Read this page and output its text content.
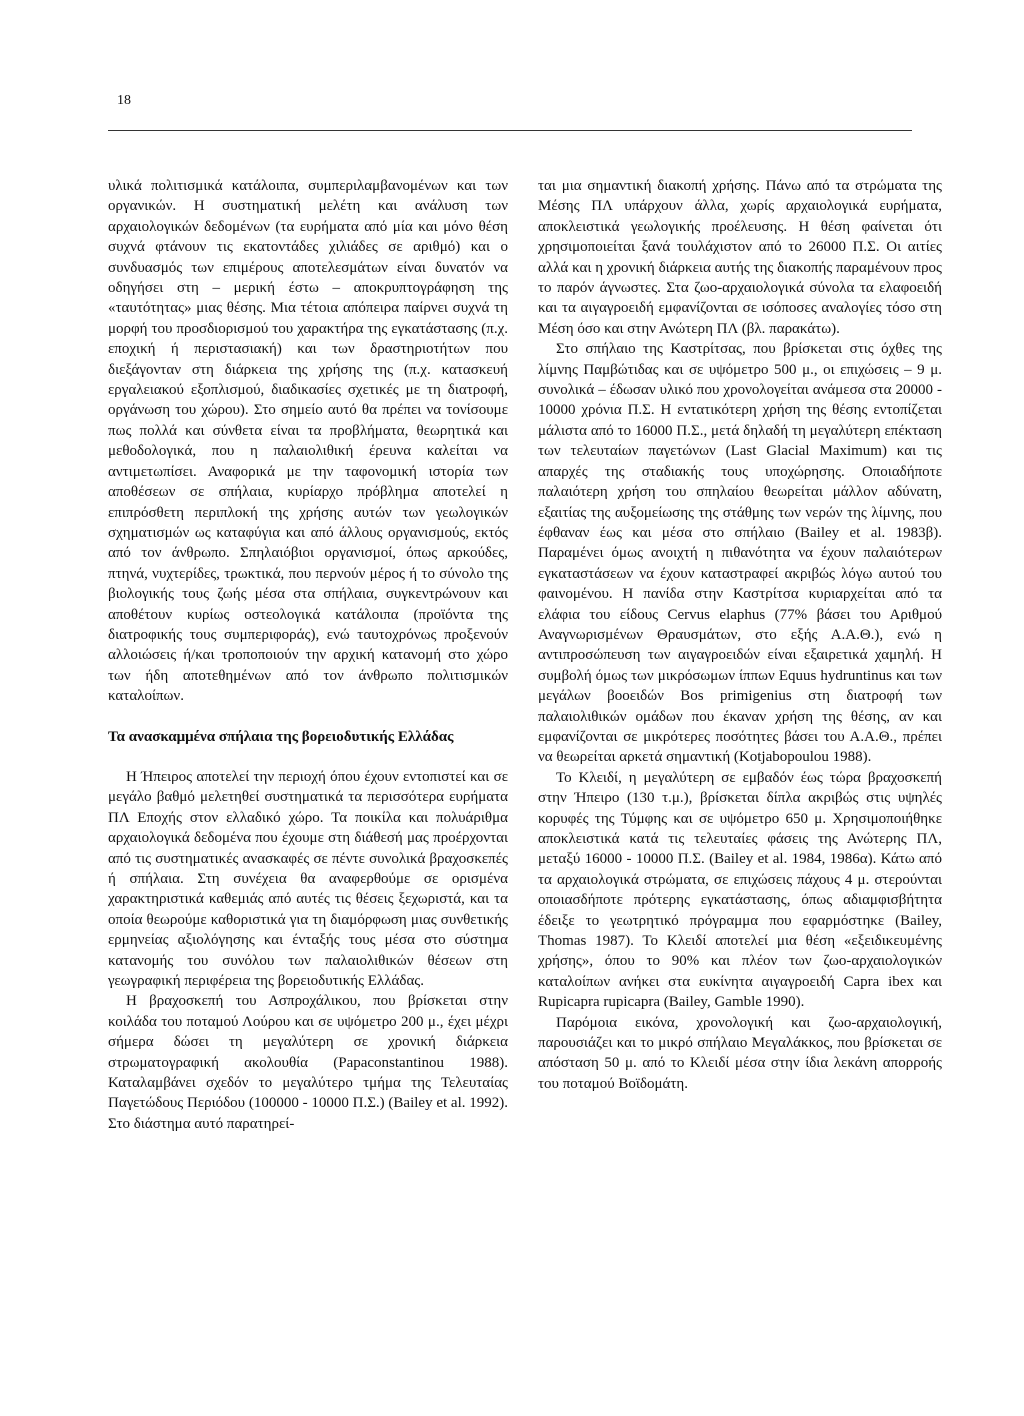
18

υλικά πολιτισμικά κατάλοιπα, συμπεριλαμβανομένων και των οργανικών. Η συστηματική μελέτη και ανάλυση των αρχαιολογικών δεδομένων (τα ευρήματα από μία και μόνο θέση συχνά φτάνουν τις εκατοντάδες χιλιάδες σε αριθμό) και ο συνδυασμός των επιμέρους αποτελεσμάτων είναι δυνατόν να οδηγήσει στη – μερική έστω – αποκρυπτογράφηση της «ταυτότητας» μιας θέσης. Μια τέτοια απόπειρα παίρνει συχνά τη μορφή του προσδιορισμού του χαρακτήρα της εγκατάστασης (π.χ. εποχική ή περιστασιακή) και των δραστηριοτήτων που διεξάγονταν στη διάρκεια της χρήσης της (π.χ. κατασκευή εργαλειακού εξοπλισμού, διαδικασίες σχετικές με τη διατροφή, οργάνωση του χώρου). Στο σημείο αυτό θα πρέπει να τονίσουμε πως πολλά και σύνθετα είναι τα προβλήματα, θεωρητικά και μεθοδολογικά, που η παλαιολιθική έρευνα καλείται να αντιμετωπίσει. Αναφορικά με την ταφονομική ιστορία των αποθέσεων σε σπήλαια, κυρίαρχο πρόβλημα αποτελεί η επιπρόσθετη περιπλοκή της χρήσης αυτών των γεωλογικών σχηματισμών ως καταφύγια και από άλλους οργανισμούς, εκτός από τον άνθρωπο. Σπηλαιόβιοι οργανισμοί, όπως αρκούδες, πτηνά, νυχτερίδες, τρωκτικά, που περνούν μέρος ή το σύνολο της βιολογικής τους ζωής μέσα στα σπήλαια, συγκεντρώνουν και αποθέτουν κυρίως οστεολογικά κατάλοιπα (προϊόντα της διατροφικής τους συμπεριφοράς), ενώ ταυτοχρόνως προξενούν αλλοιώσεις ή/και τροποποιούν την αρχική κατανομή στο χώρο των ήδη αποτεθημένων από τον άνθρωπο πολιτισμικών καταλοίπων.

Τα ανασκαμμένα σπήλαια της βορειοδυτικής Ελλάδας

Η Ήπειρος αποτελεί την περιοχή όπου έχουν εντοπιστεί και σε μεγάλο βαθμό μελετηθεί συστηματικά τα περισσότερα ευρήματα ΠΛ Εποχής στον ελλαδικό χώρο. Τα ποικίλα και πολυάριθμα αρχαιολογικά δεδομένα που έχουμε στη διάθεσή μας προέρχονται από τις συστηματικές ανασκαφές σε πέντε συνολικά βραχοσκεπές ή σπήλαια. Στη συνέχεια θα αναφερθούμε σε ορισμένα χαρακτηριστικά καθεμιάς από αυτές τις θέσεις ξεχωριστά, και τα οποία θεωρούμε καθοριστικά για τη διαμόρφωση μιας συνθετικής ερμηνείας αξιολόγησης και ένταξής τους μέσα στο σύστημα κατανομής του συνόλου των παλαιολιθικών θέσεων στη γεωγραφική περιφέρεια της βορειοδυτικής Ελλάδας.

Η βραχοσκεπή του Ασπροχάλικου, που βρίσκεται στην κοιλάδα του ποταμού Λούρου και σε υψόμετρο 200 μ., έχει μέχρι σήμερα δώσει τη μεγαλύτερη σε χρονική διάρκεια στρωματογραφική ακολουθία (Papaconstantinou 1988). Καταλαμβάνει σχεδόν το μεγαλύτερο τμήμα της Τελευταίας Παγετώδους Περιόδου (100000 - 10000 Π.Σ.) (Bailey et al. 1992). Στο διάστημα αυτό παρατηρεί-

ται μια σημαντική διακοπή χρήσης. Πάνω από τα στρώματα της Μέσης ΠΛ υπάρχουν άλλα, χωρίς αρχαιολογικά ευρήματα, αποκλειστικά γεωλογικής προέλευσης. Η θέση φαίνεται ότι χρησιμοποιείται ξανά τουλάχιστον από το 26000 Π.Σ. Οι αιτίες αλλά και η χρονική διάρκεια αυτής της διακοπής παραμένουν προς το παρόν άγνωστες. Στα ζωο-αρχαιολογικά σύνολα τα ελαφοειδή και τα αιγαγροειδή εμφανίζονται σε ισόποσες αναλογίες τόσο στη Μέση όσο και στην Ανώτερη ΠΛ (βλ. παρακάτω).

Στο σπήλαιο της Καστρίτσας, που βρίσκεται στις όχθες της λίμνης Παμβώτιδας και σε υψόμετρο 500 μ., οι επιχώσεις – 9 μ. συνολικά – έδωσαν υλικό που χρονολογείται ανάμεσα στα 20000 - 10000 χρόνια Π.Σ. Η εντατικότερη χρήση της θέσης εντοπίζεται μάλιστα από το 16000 Π.Σ., μετά δηλαδή τη μεγαλύτερη επέκταση των τελευταίων παγετώνων (Last Glacial Maximum) και τις απαρχές της σταδιακής τους υποχώρησης. Οποιαδήποτε παλαιότερη χρήση του σπηλαίου θεωρείται μάλλον αδύνατη, εξαιτίας της αυξομείωσης της στάθμης των νερών της λίμνης, που έφθαναν έως και μέσα στο σπήλαιο (Bailey et al. 1983β). Παραμένει όμως ανοιχτή η πιθανότητα να έχουν παλαιότερων εγκαταστάσεων να έχουν καταστραφεί ακριβώς λόγω αυτού του φαινομένου. Η πανίδα στην Καστρίτσα κυριαρχείται από τα ελάφια του είδους Cervus elaphus (77% βάσει του Αριθμού Αναγνωρισμένων Θραυσμάτων, στο εξής Α.Α.Θ.), ενώ η αντιπροσώπευση των αιγαγροειδών είναι εξαιρετικά χαμηλή. Η συμβολή όμως των μικρόσωμων ίππων Equus hydruntinus και των μεγάλων βοοειδών Bos primigenius στη διατροφή των παλαιολιθικών ομάδων που έκαναν χρήση της θέσης, αν και εμφανίζονται σε μικρότερες ποσότητες βάσει του Α.Α.Θ., πρέπει να θεωρείται αρκετά σημαντική (Kotjabopoulou 1988).

Το Κλειδί, η μεγαλύτερη σε εμβαδόν έως τώρα βραχοσκεπή στην Ήπειρο (130 τ.μ.), βρίσκεται δίπλα ακριβώς στις υψηλές κορυφές της Τύμφης και σε υψόμετρο 650 μ. Χρησιμοποιήθηκε αποκλειστικά κατά τις τελευταίες φάσεις της Ανώτερης ΠΛ, μεταξύ 16000 - 10000 Π.Σ. (Bailey et al. 1984, 1986α). Κάτω από τα αρχαιολογικά στρώματα, σε επιχώσεις πάχους 4 μ. στερούνται οποιασδήποτε πρότερης εγκατάστασης, όπως αδιαμφισβήτητα έδειξε το γεωτρητικό πρόγραμμα που εφαρμόστηκε (Bailey, Thomas 1987). Το Κλειδί αποτελεί μια θέση «εξειδικευμένης χρήσης», όπου το 90% και πλέον των ζωο-αρχαιολογικών καταλοίπων ανήκει στα ευκίνητα αιγαγροειδή Capra ibex και Rupicapra rupicapra (Bailey, Gamble 1990).

Παρόμοια εικόνα, χρονολογική και ζωο-αρχαιολογική, παρουσιάζει και το μικρό σπήλαιο Μεγαλάκκος, που βρίσκεται σε απόσταση 50 μ. από το Κλειδί μέσα στην ίδια λεκάνη απορροής του ποταμού Βοϊδομάτη.
